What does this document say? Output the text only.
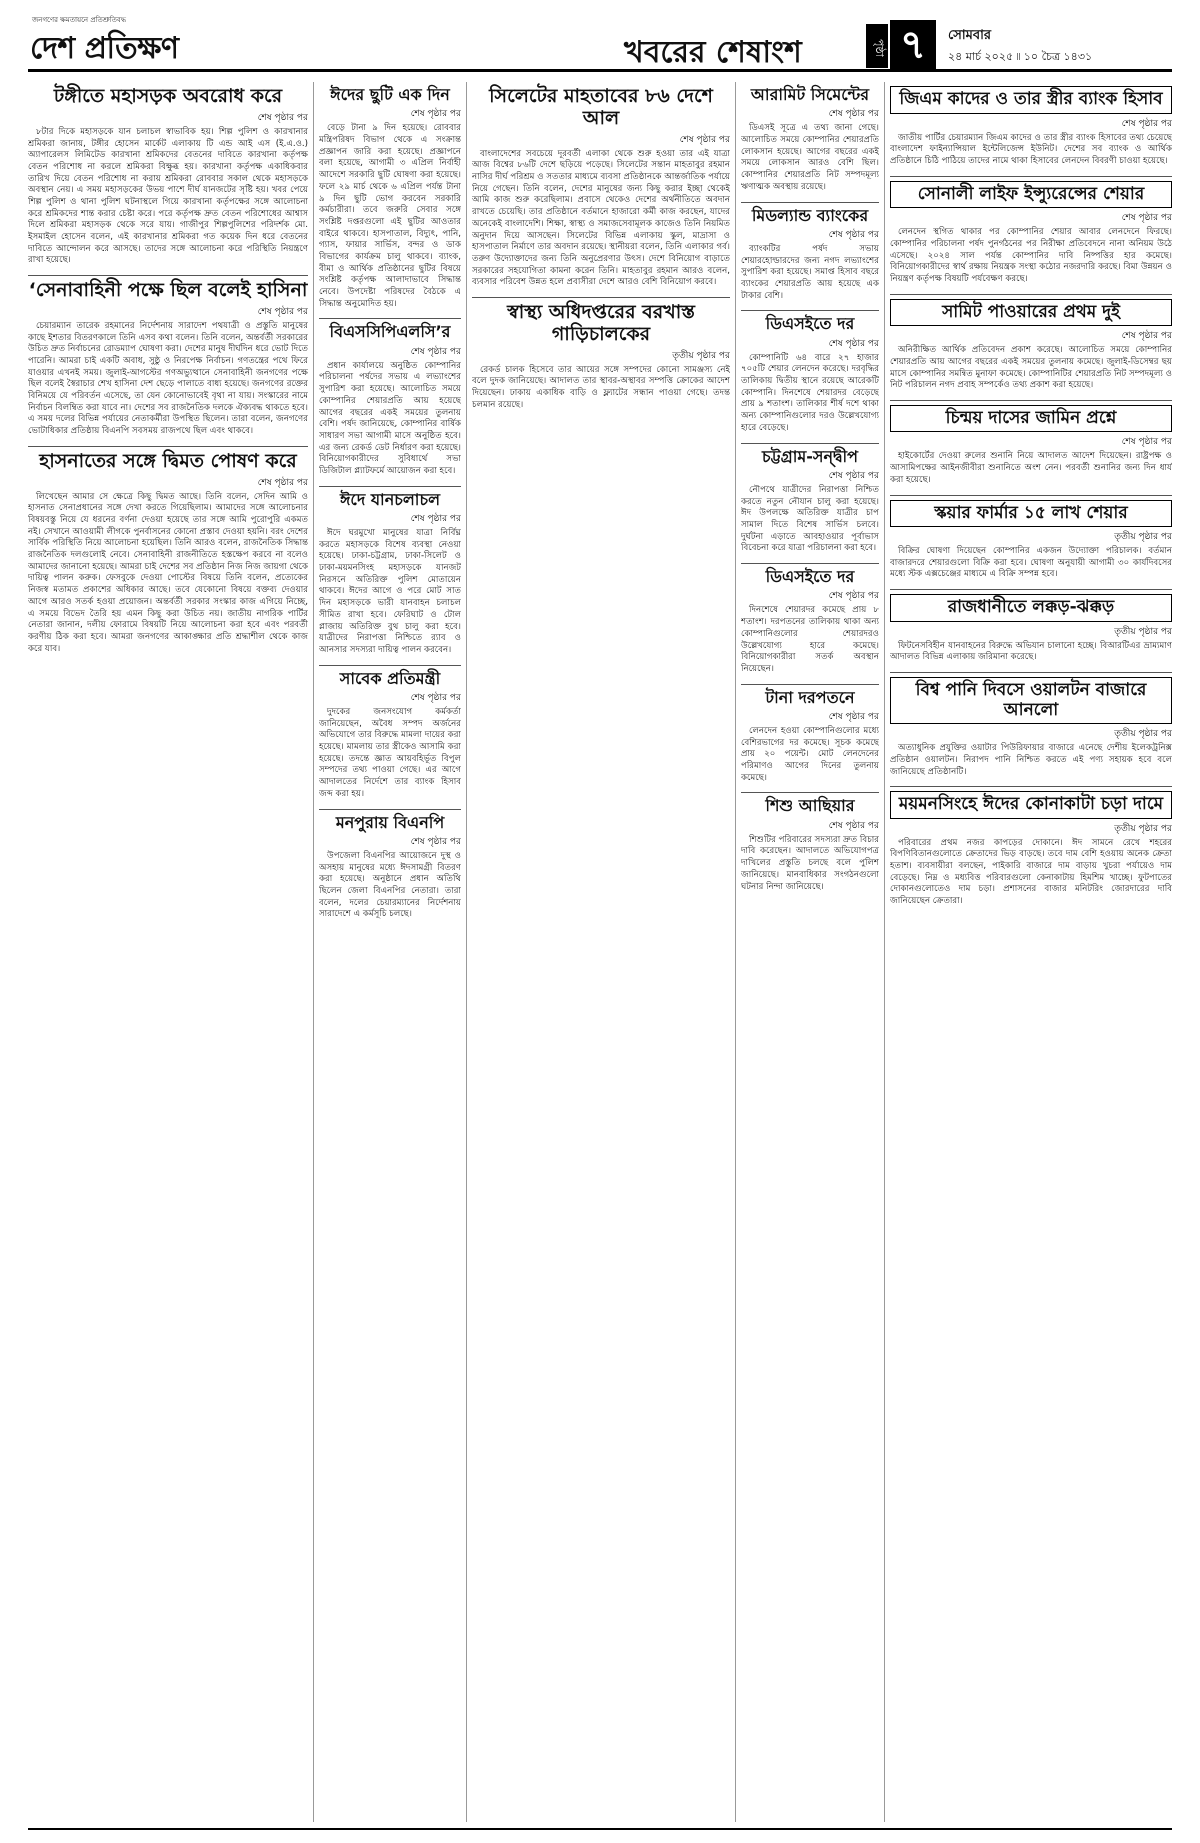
জনগণের ক্ষমতায়নে প্রতিশ্রুতিবদ্ধ
দেশ প্রতিক্ষণ	খবরের শেষাংশ	পৃষ্ঠা ৭	সোমবার
২৪ মার্চ ২০২৫ ৷৷ ১০ চৈত্র ১৪৩১
টঙ্গীতে মহাসড়ক অবরোধ করে
শেষ পৃষ্ঠার পর

৮টার দিকে মহাসড়কে যান চলাচল স্বাভাবিক হয়। শিল্প পুলিশ ও কারখানার শ্রমিকরা জানায়, টঙ্গীর হোসেন মার্কেট এলাকায় টি এন্ড আই এস (ই.এ.ও.) অ্যাপারেলস লিমিটেড কারখানা শ্রমিকদের বেতনের দাবিতে কারখানা কর্তৃপক্ষ বেতন পরিশোধ না করলে শ্রমিকরা বিক্ষুব্ধ হয়। কারখানা কর্তৃপক্ষ একাধিকবার তারিখ দিয়ে বেতন পরিশোধ না করায় শ্রমিকরা রোববার সকাল থেকে মহাসড়কে অবস্থান নেয়। এ সময় মহাসড়কের উভয় পাশে দীর্ঘ যানজটের সৃষ্টি হয়। খবর পেয়ে শিল্প পুলিশ ও থানা পুলিশ ঘটনাস্থলে গিয়ে কারখানা কর্তৃপক্ষের সঙ্গে আলোচনা করে শ্রমিকদের শান্ত করার চেষ্টা করে। পরে কর্তৃপক্ষ দ্রুত বেতন পরিশোধের আশ্বাস দিলে শ্রমিকরা মহাসড়ক থেকে সরে যায়। গাজীপুর শিল্পপুলিশের পরিদর্শক মো. ইসমাইল হোসেন বলেন, এই কারখানার শ্রমিকরা গত কয়েক দিন ধরে বেতনের দাবিতে আন্দোলন করে আসছে। তাদের সঙ্গে আলোচনা করে পরিস্থিতি নিয়ন্ত্রণে রাখা হয়েছে।

‘সেনাবাহিনী পক্ষে ছিল বলেই হাসিনা
শেষ পৃষ্ঠার পর

চেয়ারম্যান তারেক রহমানের নির্দেশনায় সারাদেশ পথযাত্রী ও প্রস্তুতি মানুষের কাছে ইশতার বিতরণকালে তিনি এসব কথা বলেন। তিনি বলেন, অন্তর্বর্তী সরকারের উচিত দ্রুত নির্বাচনের রোডম্যাপ ঘোষণা করা। দেশের মানুষ দীর্ঘদিন ধরে ভোট দিতে পারেনি। আমরা চাই একটি অবাধ, সুষ্ঠু ও নিরপেক্ষ নির্বাচন। গণতন্ত্রের পথে ফিরে যাওয়ার এখনই সময়। জুলাই-আগস্টের গণঅভ্যুত্থানে সেনাবাহিনী জনগণের পক্ষে ছিল বলেই স্বৈরাচার শেখ হাসিনা দেশ ছেড়ে পালাতে বাধ্য হয়েছে। জনগণের রক্তের বিনিময়ে যে পরিবর্তন এসেছে, তা যেন কোনোভাবেই বৃথা না যায়। সংস্কারের নামে নির্বাচন বিলম্বিত করা যাবে না। দেশের সব রাজনৈতিক দলকে ঐক্যবদ্ধ থাকতে হবে। এ সময় দলের বিভিন্ন পর্যায়ের নেতাকর্মীরা উপস্থিত ছিলেন। তারা বলেন, জনগণের ভোটাধিকার প্রতিষ্ঠায় বিএনপি সবসময় রাজপথে ছিল এবং থাকবে।

হাসনাতের সঙ্গে দ্বিমত পোষণ করে
শেষ পৃষ্ঠার পর

লিখেছেন আমার সে ক্ষেত্রে কিছু দ্বিমত আছে। তিনি বলেন, সেদিন আমি ও হাসনাত সেনাপ্রধানের সঙ্গে দেখা করতে গিয়েছিলাম। আমাদের সঙ্গে আলোচনার বিষয়বস্তু নিয়ে যে ধরনের বর্ণনা দেওয়া হয়েছে তার সঙ্গে আমি পুরোপুরি একমত নই। সেখানে আওয়ামী লীগকে পুনর্বাসনের কোনো প্রস্তাব দেওয়া হয়নি। বরং দেশের সার্বিক পরিস্থিতি নিয়ে আলোচনা হয়েছিল। তিনি আরও বলেন, রাজনৈতিক সিদ্ধান্ত রাজনৈতিক দলগুলোই নেবে। সেনাবাহিনী রাজনীতিতে হস্তক্ষেপ করবে না বলেও আমাদের জানানো হয়েছে। আমরা চাই দেশের সব প্রতিষ্ঠান নিজ নিজ জায়গা থেকে দায়িত্ব পালন করুক। ফেসবুকে দেওয়া পোস্টের বিষয়ে তিনি বলেন, প্রত্যেকের নিজস্ব মতামত প্রকাশের অধিকার আছে। তবে যেকোনো বিষয়ে বক্তব্য দেওয়ার আগে আরও সতর্ক হওয়া প্রয়োজন। অন্তর্বর্তী সরকার সংস্কার কাজ এগিয়ে নিচ্ছে, এ সময়ে বিভেদ তৈরি হয় এমন কিছু করা উচিত নয়। জাতীয় নাগরিক পার্টির নেতারা জানান, দলীয় ফোরামে বিষয়টি নিয়ে আলোচনা করা হবে এবং পরবর্তী করণীয় ঠিক করা হবে। আমরা জনগণের আকাঙ্ক্ষার প্রতি শ্রদ্ধাশীল থেকে কাজ করে যাব।

ঈদের ছুটি এক দিন
শেষ পৃষ্ঠার পর

বেড়ে টানা ৯ দিন হয়েছে। রোববার মন্ত্রিপরিষদ বিভাগ থেকে এ সংক্রান্ত প্রজ্ঞাপন জারি করা হয়েছে। প্রজ্ঞাপনে বলা হয়েছে, আগামী ৩ এপ্রিল নির্বাহী আদেশে সরকারি ছুটি ঘোষণা করা হয়েছে। ফলে ২৯ মার্চ থেকে ৬ এপ্রিল পর্যন্ত টানা ৯ দিন ছুটি ভোগ করবেন সরকারি কর্মচারীরা। তবে জরুরি সেবার সঙ্গে সংশ্লিষ্ট দপ্তরগুলো এই ছুটির আওতার বাইরে থাকবে। হাসপাতাল, বিদ্যুৎ, পানি, গ্যাস, ফায়ার সার্ভিস, বন্দর ও ডাক বিভাগের কার্যক্রম চালু থাকবে। ব্যাংক, বীমা ও আর্থিক প্রতিষ্ঠানের ছুটির বিষয়ে সংশ্লিষ্ট কর্তৃপক্ষ আলাদাভাবে সিদ্ধান্ত নেবে। উপদেষ্টা পরিষদের বৈঠকে এ সিদ্ধান্ত অনুমোদিত হয়।

বিএসসিপিএলসি’র
শেষ পৃষ্ঠার পর

প্রধান কার্যালয়ে অনুষ্ঠিত কোম্পানির পরিচালনা পর্ষদের সভায় এ লভ্যাংশের সুপারিশ করা হয়েছে। আলোচিত সময়ে কোম্পানির শেয়ারপ্রতি আয় হয়েছে আগের বছরের একই সময়ের তুলনায় বেশি। পর্ষদ জানিয়েছে, কোম্পানির বার্ষিক সাধারণ সভা আগামী মাসে অনুষ্ঠিত হবে। এর জন্য রেকর্ড ডেট নির্ধারণ করা হয়েছে। বিনিয়োগকারীদের সুবিধার্থে সভা ডিজিটাল প্ল্যাটফর্মে আয়োজন করা হবে।

ঈদে যানচলাচল
শেষ পৃষ্ঠার পর

ঈদে ঘরমুখো মানুষের যাত্রা নির্বিঘ্ন করতে মহাসড়কে বিশেষ ব্যবস্থা নেওয়া হয়েছে। ঢাকা-চট্টগ্রাম, ঢাকা-সিলেট ও ঢাকা-ময়মনসিংহ মহাসড়কে যানজট নিরসনে অতিরিক্ত পুলিশ মোতায়েন থাকবে। ঈদের আগে ও পরে মোট সাত দিন মহাসড়কে ভারী যানবাহন চলাচল সীমিত রাখা হবে। ফেরিঘাট ও টোল প্লাজায় অতিরিক্ত বুথ চালু করা হবে। যাত্রীদের নিরাপত্তা নিশ্চিতে র‍্যাব ও আনসার সদস্যরা দায়িত্ব পালন করবেন।

সাবেক প্রতিমন্ত্রী
শেষ পৃষ্ঠার পর

দুদকের জনসংযোগ কর্মকর্তা জানিয়েছেন, অবৈধ সম্পদ অর্জনের অভিযোগে তার বিরুদ্ধে মামলা দায়ের করা হয়েছে। মামলায় তার স্ত্রীকেও আসামি করা হয়েছে। তদন্তে জ্ঞাত আয়বহির্ভূত বিপুল সম্পদের তথ্য পাওয়া গেছে। এর আগে আদালতের নির্দেশে তার ব্যাংক হিসাব জব্দ করা হয়।

মনপুরায় বিএনপি
শেষ পৃষ্ঠার পর

উপজেলা বিএনপির আয়োজনে দুস্থ ও অসহায় মানুষের মধ্যে ঈদসামগ্রী বিতরণ করা হয়েছে। অনুষ্ঠানে প্রধান অতিথি ছিলেন জেলা বিএনপির নেতারা। তারা বলেন, দলের চেয়ারম্যানের নির্দেশনায় সারাদেশে এ কর্মসূচি চলছে।

সিলেটের মাহতাবের ৮৬ দেশে আল
শেষ পৃষ্ঠার পর

বাংলাদেশের সবচেয়ে দূরবর্তী এলাকা থেকে শুরু হওয়া তার এই যাত্রা আজ বিশ্বের ৮৬টি দেশে ছড়িয়ে পড়েছে। সিলেটের সন্তান মাহতাবুর রহমান নাসির দীর্ঘ পরিশ্রম ও সততার মাধ্যমে ব্যবসা প্রতিষ্ঠানকে আন্তর্জাতিক পর্যায়ে নিয়ে গেছেন। তিনি বলেন, দেশের মানুষের জন্য কিছু করার ইচ্ছা থেকেই আমি কাজ শুরু করেছিলাম। প্রবাসে থেকেও দেশের অর্থনীতিতে অবদান রাখতে চেয়েছি। তার প্রতিষ্ঠানে বর্তমানে হাজারো কর্মী কাজ করছেন, যাদের অনেকেই বাংলাদেশি। শিক্ষা, স্বাস্থ্য ও সমাজসেবামূলক কাজেও তিনি নিয়মিত অনুদান দিয়ে আসছেন। সিলেটের বিভিন্ন এলাকায় স্কুল, মাদ্রাসা ও হাসপাতাল নির্মাণে তার অবদান রয়েছে। স্থানীয়রা বলেন, তিনি এলাকার গর্ব। তরুণ উদ্যোক্তাদের জন্য তিনি অনুপ্রেরণার উৎস। দেশে বিনিয়োগ বাড়াতে সরকারের সহযোগিতা কামনা করেন তিনি। মাহতাবুর রহমান আরও বলেন, ব্যবসার পরিবেশ উন্নত হলে প্রবাসীরা দেশে আরও বেশি বিনিয়োগ করবে।

স্বাস্থ্য অধিদপ্তরের বরখাস্ত গাড়িচালকের
তৃতীয় পৃষ্ঠার পর

রেকর্ড চালক হিসেবে তার আয়ের সঙ্গে সম্পদের কোনো সামঞ্জস্য নেই বলে দুদক জানিয়েছে। আদালত তার স্থাবর-অস্থাবর সম্পত্তি ক্রোকের আদেশ দিয়েছেন। ঢাকায় একাধিক বাড়ি ও ফ্ল্যাটের সন্ধান পাওয়া গেছে। তদন্ত চলমান রয়েছে।

আরামিট সিমেন্টের
শেষ পৃষ্ঠার পর

ডিএসই সূত্রে এ তথ্য জানা গেছে। আলোচিত সময়ে কোম্পানির শেয়ারপ্রতি লোকসান হয়েছে। আগের বছরের একই সময়ে লোকসান আরও বেশি ছিল। কোম্পানির শেয়ারপ্রতি নিট সম্পদমূল্য ঋণাত্মক অবস্থায় রয়েছে।

মিডল্যান্ড ব্যাংকের
শেষ পৃষ্ঠার পর

ব্যাংকটির পর্ষদ সভায় শেয়ারহোল্ডারদের জন্য নগদ লভ্যাংশের সুপারিশ করা হয়েছে। সমাপ্ত হিসাব বছরে ব্যাংকের শেয়ারপ্রতি আয় হয়েছে এক টাকার বেশি।

ডিএসইতে দর
শেষ পৃষ্ঠার পর

কোম্পানিটি ৬৪ বারে ২৭ হাজার ৭০৫টি শেয়ার লেনদেন করেছে। দরবৃদ্ধির তালিকায় দ্বিতীয় স্থানে রয়েছে আরেকটি কোম্পানি। দিনশেষে শেয়ারদর বেড়েছে প্রায় ৯ শতাংশ। তালিকার শীর্ষ দশে থাকা অন্য কোম্পানিগুলোর দরও উল্লেখযোগ্য হারে বেড়েছে।

চট্টগ্রাম-সন্দ্বীপ
শেষ পৃষ্ঠার পর

নৌপথে যাত্রীদের নিরাপত্তা নিশ্চিত করতে নতুন নৌযান চালু করা হয়েছে। ঈদ উপলক্ষে অতিরিক্ত যাত্রীর চাপ সামাল দিতে বিশেষ সার্ভিস চলবে। দুর্ঘটনা এড়াতে আবহাওয়ার পূর্বাভাস বিবেচনা করে যাত্রা পরিচালনা করা হবে।

ডিএসইতে দর
শেষ পৃষ্ঠার পর

দিনশেষে শেয়ারদর কমেছে প্রায় ৮ শতাংশ। দরপতনের তালিকায় থাকা অন্য কোম্পানিগুলোর শেয়ারদরও উল্লেখযোগ্য হারে কমেছে। বিনিয়োগকারীরা সতর্ক অবস্থান নিয়েছেন।

টানা দরপতনে
শেষ পৃষ্ঠার পর

লেনদেন হওয়া কোম্পানিগুলোর মধ্যে বেশিরভাগের দর কমেছে। সূচক কমেছে প্রায় ২০ পয়েন্ট। মোট লেনদেনের পরিমাণও আগের দিনের তুলনায় কমেছে।

শিশু আছিয়ার
শেষ পৃষ্ঠার পর

শিশুটির পরিবারের সদস্যরা দ্রুত বিচার দাবি করেছেন। আদালতে অভিযোগপত্র দাখিলের প্রস্তুতি চলছে বলে পুলিশ জানিয়েছে। মানবাধিকার সংগঠনগুলো ঘটনার নিন্দা জানিয়েছে।

জিএম কাদের ও তার স্ত্রীর ব্যাংক হিসাব
শেষ পৃষ্ঠার পর

জাতীয় পার্টির চেয়ারম্যান জিএম কাদের ও তার স্ত্রীর ব্যাংক হিসাবের তথ্য চেয়েছে বাংলাদেশ ফাইন্যান্সিয়াল ইন্টেলিজেন্স ইউনিট। দেশের সব ব্যাংক ও আর্থিক প্রতিষ্ঠানে চিঠি পাঠিয়ে তাদের নামে থাকা হিসাবের লেনদেন বিবরণী চাওয়া হয়েছে।

সোনালী লাইফ ইন্স্যুরেন্সের শেয়ার
শেষ পৃষ্ঠার পর

লেনদেন স্থগিত থাকার পর কোম্পানির শেয়ার আবার লেনদেনে ফিরছে। কোম্পানির পরিচালনা পর্ষদ পুনর্গঠনের পর নিরীক্ষা প্রতিবেদনে নানা অনিয়ম উঠে এসেছে। ২০২৪ সাল পর্যন্ত কোম্পানির দাবি নিষ্পত্তির হার কমেছে। বিনিয়োগকারীদের স্বার্থ রক্ষায় নিয়ন্ত্রক সংস্থা কঠোর নজরদারি করছে। বিমা উন্নয়ন ও নিয়ন্ত্রণ কর্তৃপক্ষ বিষয়টি পর্যবেক্ষণ করছে।

সামিট পাওয়ারের প্রথম দুই
শেষ পৃষ্ঠার পর

অনিরীক্ষিত আর্থিক প্রতিবেদন প্রকাশ করেছে। আলোচিত সময়ে কোম্পানির শেয়ারপ্রতি আয় আগের বছরের একই সময়ের তুলনায় কমেছে। জুলাই-ডিসেম্বর ছয় মাসে কোম্পানির সমন্বিত মুনাফা কমেছে। কোম্পানিটির শেয়ারপ্রতি নিট সম্পদমূল্য ও নিট পরিচালন নগদ প্রবাহ সম্পর্কেও তথ্য প্রকাশ করা হয়েছে।

চিন্ময় দাসের জামিন প্রশ্নে
শেষ পৃষ্ঠার পর

হাইকোর্টের দেওয়া রুলের শুনানি নিয়ে আদালত আদেশ দিয়েছেন। রাষ্ট্রপক্ষ ও আসামিপক্ষের আইনজীবীরা শুনানিতে অংশ নেন। পরবর্তী শুনানির জন্য দিন ধার্য করা হয়েছে।

স্কয়ার ফার্মার ১৫ লাখ শেয়ার
তৃতীয় পৃষ্ঠার পর

বিক্রির ঘোষণা দিয়েছেন কোম্পানির একজন উদ্যোক্তা পরিচালক। বর্তমান বাজারদরে শেয়ারগুলো বিক্রি করা হবে। ঘোষণা অনুযায়ী আগামী ৩০ কার্যদিবসের মধ্যে স্টক এক্সচেঞ্জের মাধ্যমে এ বিক্রি সম্পন্ন হবে।

রাজধানীতে লক্কড়-ঝক্কড়
তৃতীয় পৃষ্ঠার পর

ফিটনেসবিহীন যানবাহনের বিরুদ্ধে অভিযান চালানো হচ্ছে। বিআরটিএর ভ্রাম্যমাণ আদালত বিভিন্ন এলাকায় জরিমানা করেছে।

বিশ্ব পানি দিবসে ওয়ালটন বাজারে আনলো
তৃতীয় পৃষ্ঠার পর

অত্যাধুনিক প্রযুক্তির ওয়াটার পিউরিফায়ার বাজারে এনেছে দেশীয় ইলেকট্রনিক্স প্রতিষ্ঠান ওয়ালটন। নিরাপদ পানি নিশ্চিত করতে এই পণ্য সহায়ক হবে বলে জানিয়েছে প্রতিষ্ঠানটি।

ময়মনসিংহে ঈদের কোনাকাটা চড়া দামে
তৃতীয় পৃষ্ঠার পর

পরিবারের প্রথম নজর কাপড়ের দোকানে। ঈদ সামনে রেখে শহরের বিপণিবিতানগুলোতে ক্রেতাদের ভিড় বাড়ছে। তবে দাম বেশি হওয়ায় অনেক ক্রেতা হতাশ। ব্যবসায়ীরা বলছেন, পাইকারি বাজারে দাম বাড়ায় খুচরা পর্যায়েও দাম বেড়েছে। নিম্ন ও মধ্যবিত্ত পরিবারগুলো কেনাকাটায় হিমশিম খাচ্ছে। ফুটপাতের দোকানগুলোতেও দাম চড়া। প্রশাসনের বাজার মনিটরিং জোরদারের দাবি জানিয়েছেন ক্রেতারা।
